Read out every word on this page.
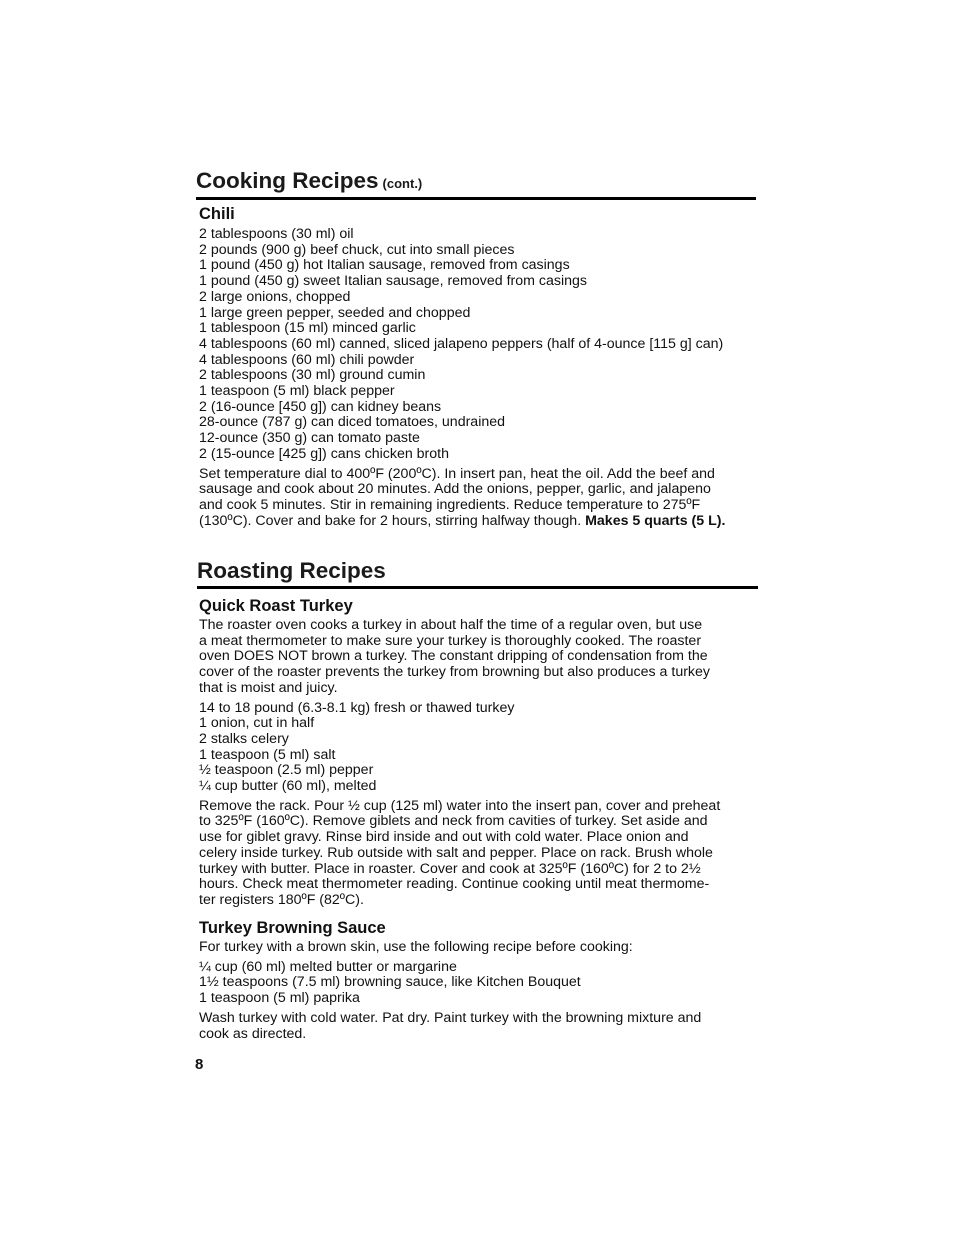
Cooking Recipes (cont.)
Chili
2 tablespoons (30 ml) oil
2 pounds (900 g) beef chuck, cut into small pieces
1 pound (450 g) hot Italian sausage, removed from casings
1 pound (450 g) sweet Italian sausage, removed from casings
2 large onions, chopped
1 large green pepper, seeded and chopped
1 tablespoon (15 ml) minced garlic
4 tablespoons (60 ml) canned, sliced jalapeno peppers (half of 4-ounce [115 g] can)
4 tablespoons (60 ml) chili powder
2 tablespoons (30 ml) ground cumin
1 teaspoon (5 ml) black pepper
2 (16-ounce [450 g]) can kidney beans
28-ounce (787 g) can diced tomatoes, undrained
12-ounce (350 g) can tomato paste
2 (15-ounce [425 g]) cans chicken broth

Set temperature dial to 400ºF (200ºC). In insert pan, heat the oil. Add the beef and
sausage and cook about 20 minutes. Add the onions, pepper, garlic, and jalapeno
and cook 5 minutes. Stir in remaining ingredients. Reduce temperature to 275ºF
(130ºC). Cover and bake for 2 hours, stirring halfway though. Makes 5 quarts (5 L).

Roasting Recipes
Quick Roast Turkey

The roaster oven cooks a turkey in about half the time of a regular oven, but use
a meat thermometer to make sure your turkey is thoroughly cooked. The roaster
oven DOES NOT brown a turkey. The constant dripping of condensation from the
cover of the roaster prevents the turkey from browning but also produces a turkey
that is moist and juicy.

14 to 18 pound (6.3-8.1 kg) fresh or thawed turkey
1 onion, cut in half
2 stalks celery
1 teaspoon (5 ml) salt
½ teaspoon (2.5 ml) pepper
¼ cup butter (60 ml), melted

Remove the rack. Pour ½ cup (125 ml) water into the insert pan, cover and preheat
to 325ºF (160ºC). Remove giblets and neck from cavities of turkey. Set aside and
use for giblet gravy. Rinse bird inside and out with cold water. Place onion and
celery inside turkey. Rub outside with salt and pepper. Place on rack. Brush whole
turkey with butter. Place in roaster. Cover and cook at 325ºF (160ºC) for 2 to 2½
hours. Check meat thermometer reading. Continue cooking until meat thermome-
ter registers 180ºF (82ºC).

Turkey Browning Sauce

For turkey with a brown skin, use the following recipe before cooking:

¼ cup (60 ml) melted butter or margarine
1½ teaspoons (7.5 ml) browning sauce, like Kitchen Bouquet
1 teaspoon (5 ml) paprika

Wash turkey with cold water. Pat dry. Paint turkey with the browning mixture and
cook as directed.

8
